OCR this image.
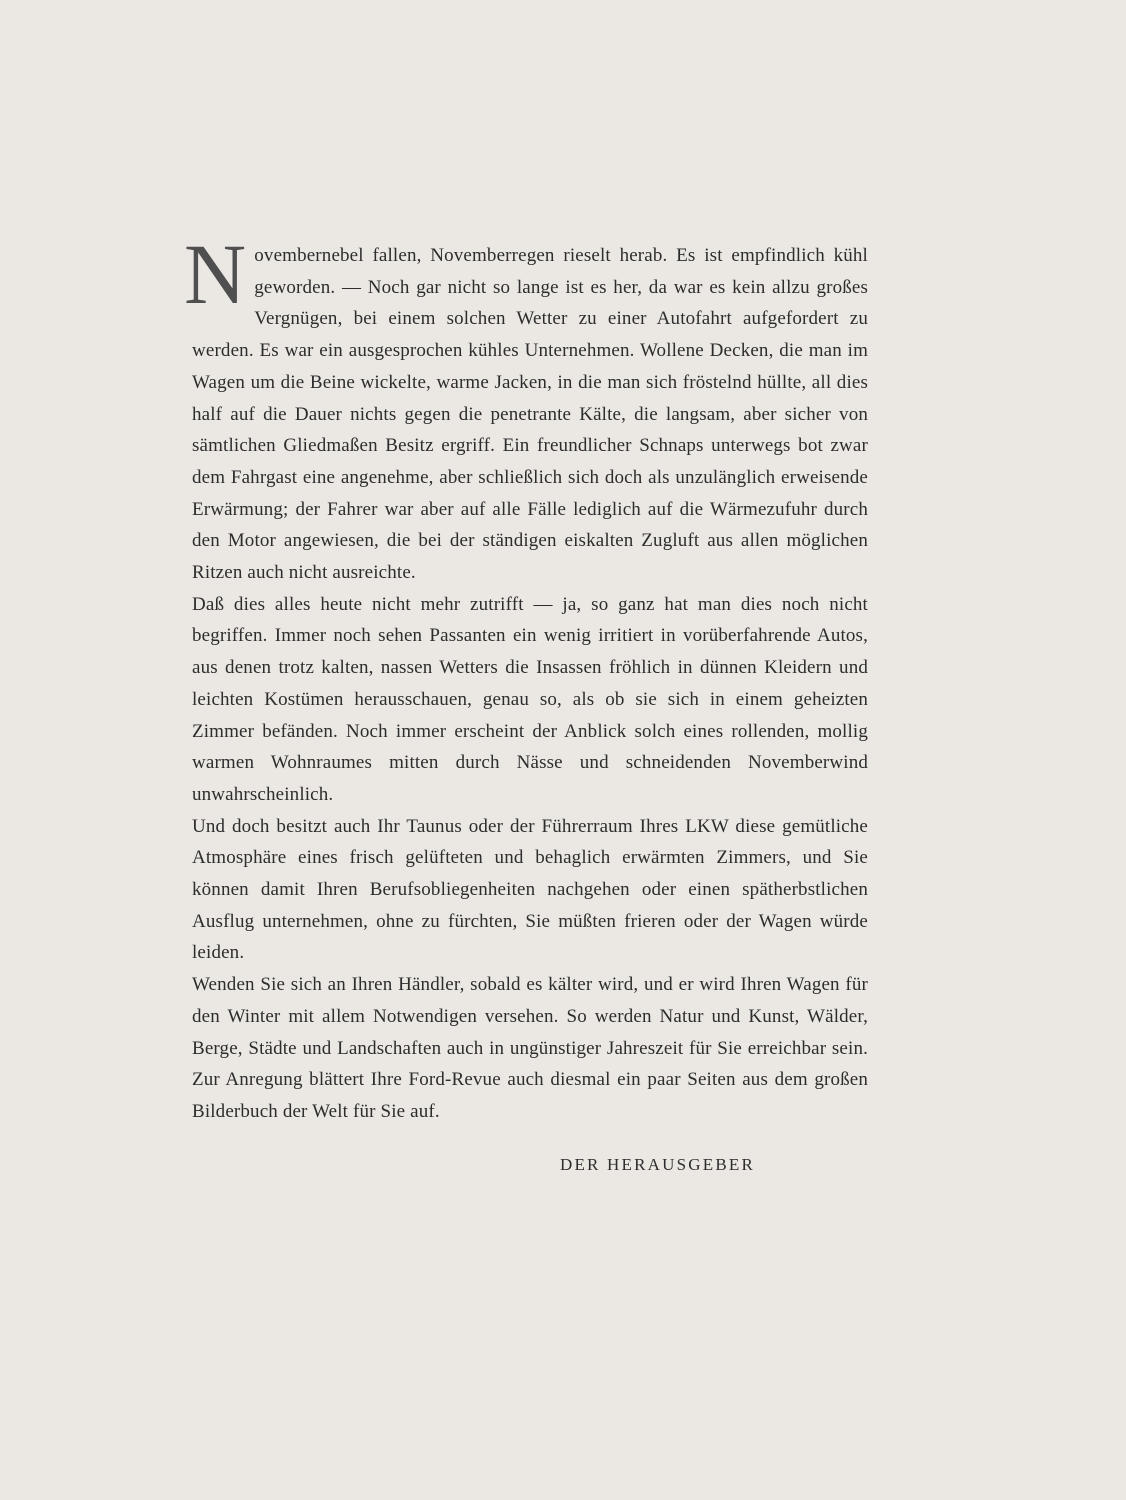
Novembernebel fallen, Novemberregen rieselt herab. Es ist empfindlich kühl geworden. — Noch gar nicht so lange ist es her, da war es kein allzu großes Vergnügen, bei einem solchen Wetter zu einer Autofahrt aufgefordert zu werden. Es war ein ausgesprochen kühles Unternehmen. Wollene Decken, die man im Wagen um die Beine wickelte, warme Jacken, in die man sich fröstelnd hüllte, all dies half auf die Dauer nichts gegen die penetrante Kälte, die langsam, aber sicher von sämtlichen Gliedmaßen Besitz ergriff. Ein freundlicher Schnaps unterwegs bot zwar dem Fahrgast eine angenehme, aber schließlich sich doch als unzulänglich erweisende Erwärmung; der Fahrer war aber auf alle Fälle lediglich auf die Wärmezufuhr durch den Motor angewiesen, die bei der ständigen eiskalten Zugluft aus allen möglichen Ritzen auch nicht ausreichte.

Daß dies alles heute nicht mehr zutrifft — ja, so ganz hat man dies noch nicht begriffen. Immer noch sehen Passanten ein wenig irritiert in vorüberfahrende Autos, aus denen trotz kalten, nassen Wetters die Insassen fröhlich in dünnen Kleidern und leichten Kostümen herausschauen, genau so, als ob sie sich in einem geheizten Zimmer befänden. Noch immer erscheint der Anblick solch eines rollenden, mollig warmen Wohnraumes mitten durch Nässe und schneidenden Novemberwind unwahrscheinlich.

Und doch besitzt auch Ihr Taunus oder der Führerraum Ihres LKW diese gemütliche Atmosphäre eines frisch gelüfteten und behaglich erwärmten Zimmers, und Sie können damit Ihren Berufsobliegenheiten nachgehen oder einen spätherbstlichen Ausflug unternehmen, ohne zu fürchten, Sie müßten frieren oder der Wagen würde leiden.

Wenden Sie sich an Ihren Händler, sobald es kälter wird, und er wird Ihren Wagen für den Winter mit allem Notwendigen versehen. So werden Natur und Kunst, Wälder, Berge, Städte und Landschaften auch in ungünstiger Jahreszeit für Sie erreichbar sein. Zur Anregung blättert Ihre Ford-Revue auch diesmal ein paar Seiten aus dem großen Bilderbuch der Welt für Sie auf.

DER HERAUSGEBER
